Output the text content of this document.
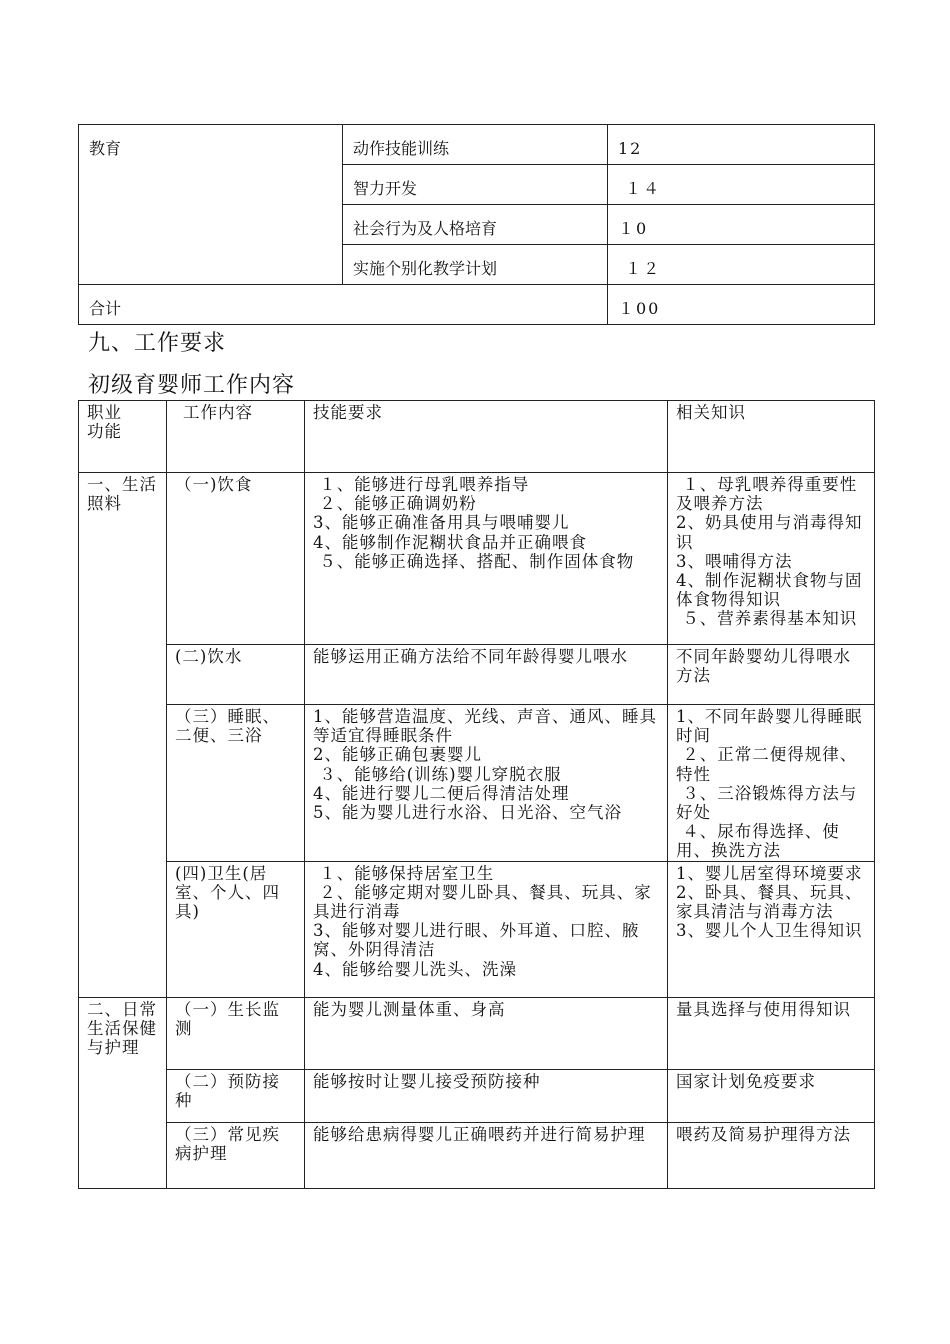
教育	动作技能训练	12
	智力开发	１４
	社会行为及人格培育	１0
	实施个别化教学计划	１２
合计		１00
九、工作要求
初级育婴师工作内容
职业
功能	工作内容	技能要求	相关知识

一、生活照料	（一)饮食	１、能够进行母乳喂养指导
２、能够正确调奶粉
3、能够正确准备用具与喂哺婴儿
4、能够制作泥糊状食品并正确喂食
５、能够正确选择、搭配、制作固体食物	１、母乳喂养得重要性及喂养方法
2、奶具使用与消毒得知识
3、喂哺得方法
4、制作泥糊状食物与固体食物得知识
５、营养素得基本知识

	(二)饮水	能够运用正确方法给不同年龄得婴儿喂水	不同年龄婴幼儿得喂水方法

	（三）睡眠、二便、三浴	1、能够营造温度、光线、声音、通风、睡具等适宜得睡眠条件
2、能够正确包裹婴儿
３、能够给(训练)婴儿穿脱衣服
4、能进行婴儿二便后得清洁处理
5、能为婴儿进行水浴、日光浴、空气浴	1、不同年龄婴儿得睡眠时间
２、正常二便得规律、特性
３、三浴锻炼得方法与好处
４、尿布得选择、使用、换洗方法

	(四)卫生(居室、个人、四具)	１、能够保持居室卫生
２、能够定期对婴儿卧具、餐具、玩具、家具进行消毒
3、能够对婴儿进行眼、外耳道、口腔、腋窝、外阴得清洁
4、能够给婴儿洗头、洗澡	1、婴儿居室得环境要求
2、卧具、餐具、玩具、家具清洁与消毒方法
3、婴儿个人卫生得知识

二、日常生活保健与护理	（一）生长监测	能为婴儿测量体重、身高	量具选择与使用得知识

	（二）预防接种	能够按时让婴儿接受预防接种	国家计划免疫要求

	（三）常见疾病护理	能够给患病得婴儿正确喂药并进行简易护理	喂药及简易护理得方法
